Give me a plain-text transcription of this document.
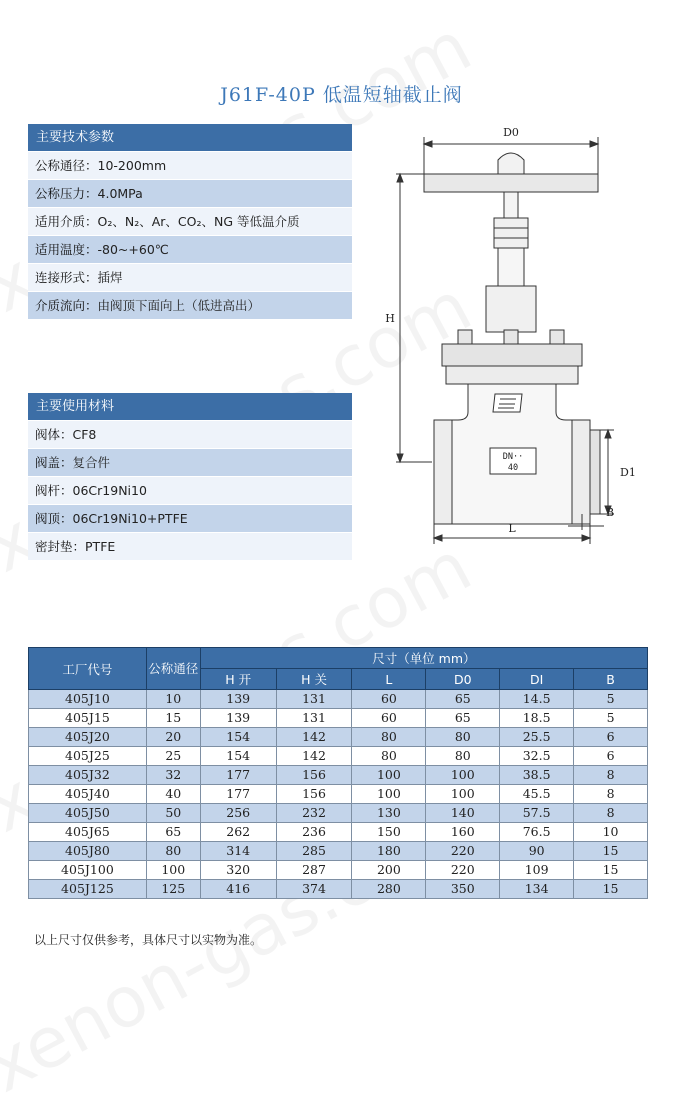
J61F-40P 低温短轴截止阀
主要技术参数
公称通径：10-200mm
公称压力：4.0MPa
适用介质：O₂、N₂、Ar、CO₂、NG 等低温介质
适用温度：-80~+60℃
连接形式：插焊
介质流向：由阀顶下面向上（低进高出）
主要使用材料
阀体：CF8
阀盖：复合件
阀杆：06Cr19Ni10
阀顶：06Cr19Ni10+PTFE
密封垫：PTFE
D0
H
D1
B
L
DN··
40
工厂代号	公称通径	尺寸（单位 mm）					
		H 开	H 关	L	D0	DI	B
405J10	10	139	131	60	65	14.5	5
405J15	15	139	131	60	65	18.5	5
405J20	20	154	142	80	80	25.5	6
405J25	25	154	142	80	80	32.5	6
405J32	32	177	156	100	100	38.5	8
405J40	40	177	156	100	100	45.5	8
405J50	50	256	232	130	140	57.5	8
405J65	65	262	236	150	160	76.5	10
405J80	80	314	285	180	220	90	15
405J100	100	320	287	200	220	109	15
405J125	125	416	374	280	350	134	15
以上尺寸仅供参考，具体尺寸以实物为准。
